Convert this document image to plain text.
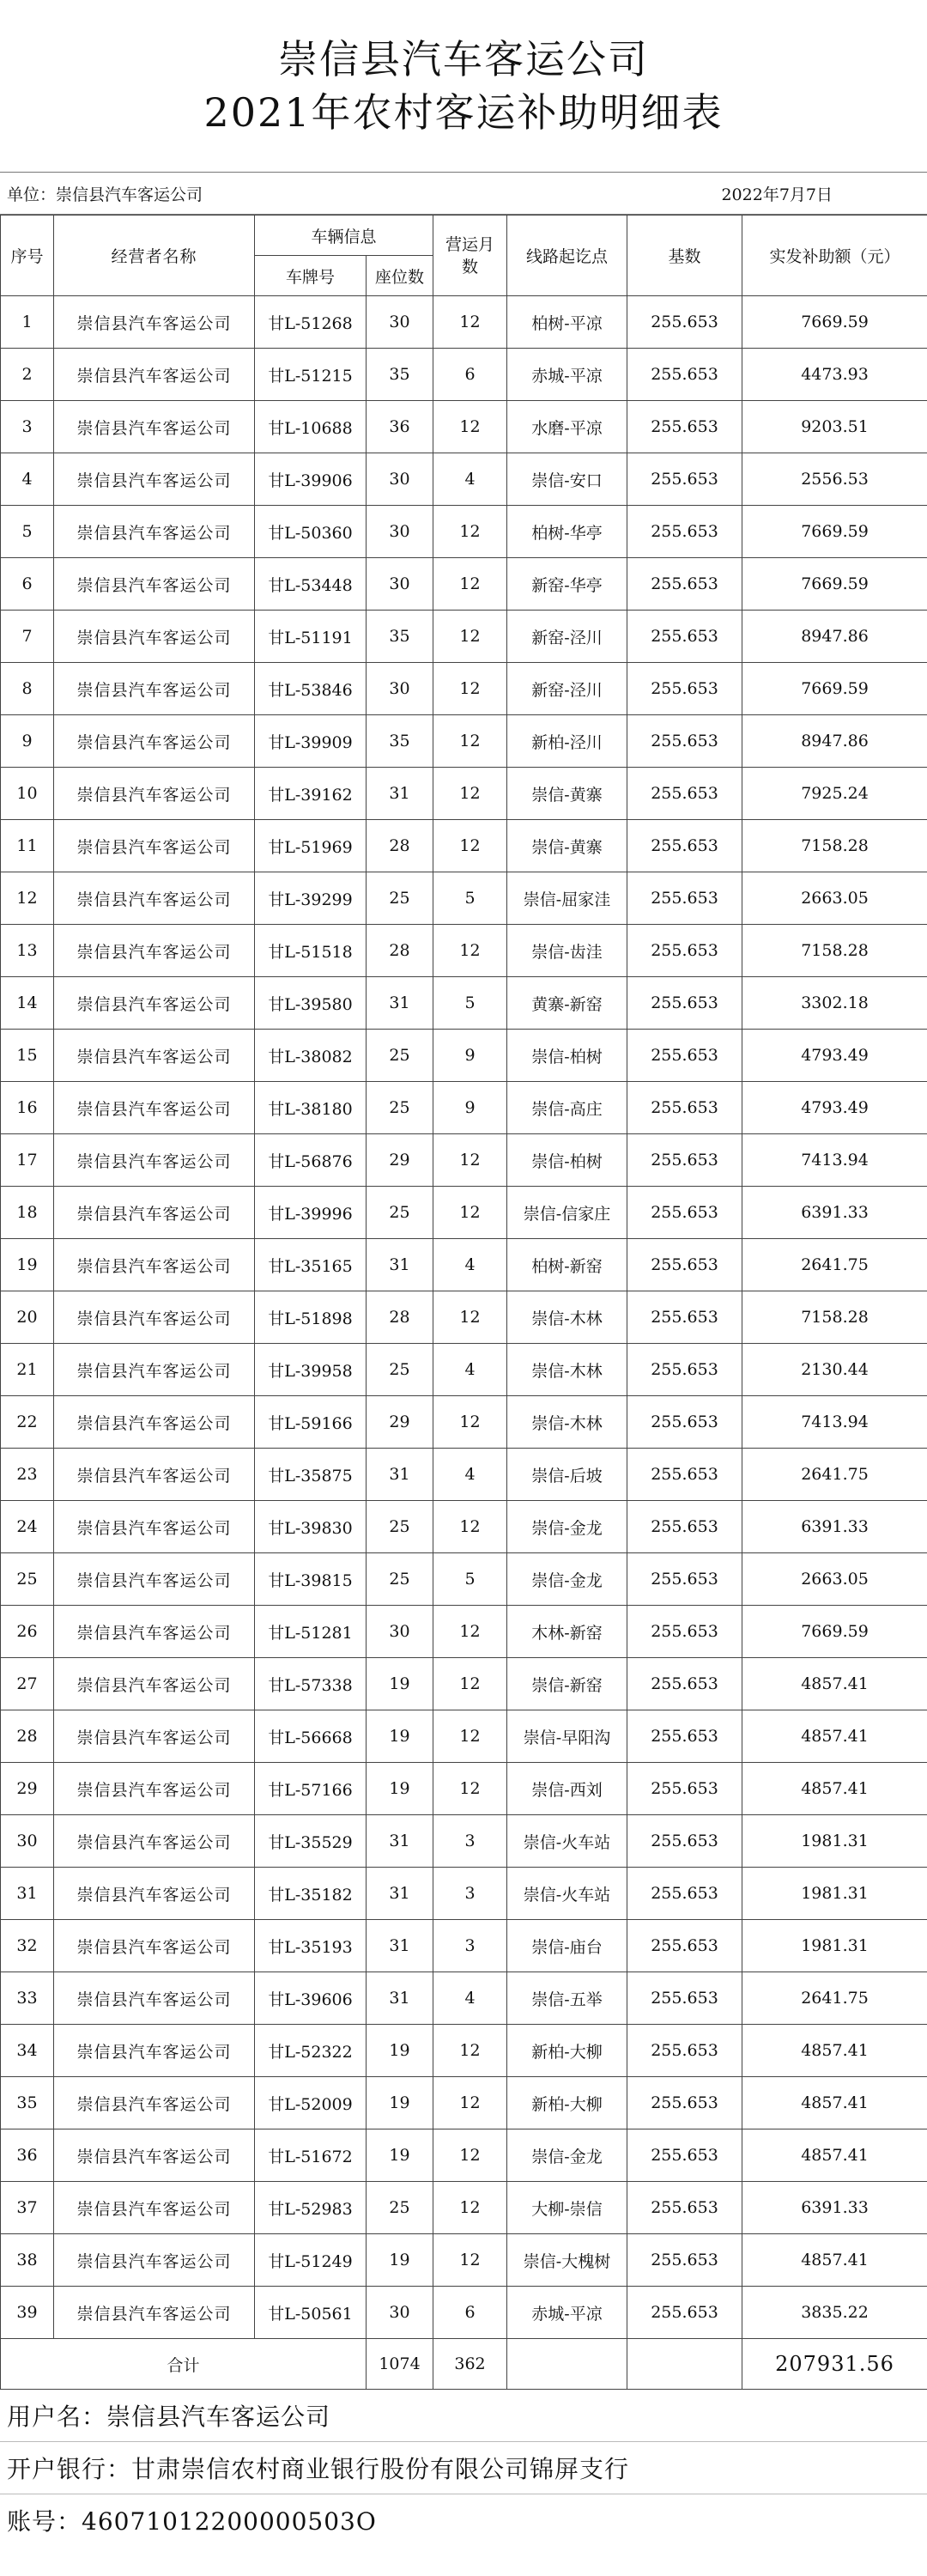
崇信县汽车客运公司
2021年农村客运补助明细表
单位：崇信县汽车客运公司	2022年7月7日
序号	经营者名称	车辆信息		营运月数	线路起讫点	基数	实发补助额（元）
		车牌号	座位数				
1	崇信县汽车客运公司	甘L-51268	30	12	柏树-平凉	255.653	7669.59
2	崇信县汽车客运公司	甘L-51215	35	6	赤城-平凉	255.653	4473.93
3	崇信县汽车客运公司	甘L-10688	36	12	水磨-平凉	255.653	9203.51
4	崇信县汽车客运公司	甘L-39906	30	4	崇信-安口	255.653	2556.53
5	崇信县汽车客运公司	甘L-50360	30	12	柏树-华亭	255.653	7669.59
6	崇信县汽车客运公司	甘L-53448	30	12	新窑-华亭	255.653	7669.59
7	崇信县汽车客运公司	甘L-51191	35	12	新窑-泾川	255.653	8947.86
8	崇信县汽车客运公司	甘L-53846	30	12	新窑-泾川	255.653	7669.59
9	崇信县汽车客运公司	甘L-39909	35	12	新柏-泾川	255.653	8947.86
10	崇信县汽车客运公司	甘L-39162	31	12	崇信-黄寨	255.653	7925.24
11	崇信县汽车客运公司	甘L-51969	28	12	崇信-黄寨	255.653	7158.28
12	崇信县汽车客运公司	甘L-39299	25	5	崇信-屈家洼	255.653	2663.05
13	崇信县汽车客运公司	甘L-51518	28	12	崇信-齿洼	255.653	7158.28
14	崇信县汽车客运公司	甘L-39580	31	5	黄寨-新窑	255.653	3302.18
15	崇信县汽车客运公司	甘L-38082	25	9	崇信-柏树	255.653	4793.49
16	崇信县汽车客运公司	甘L-38180	25	9	崇信-高庄	255.653	4793.49
17	崇信县汽车客运公司	甘L-56876	29	12	崇信-柏树	255.653	7413.94
18	崇信县汽车客运公司	甘L-39996	25	12	崇信-信家庄	255.653	6391.33
19	崇信县汽车客运公司	甘L-35165	31	4	柏树-新窑	255.653	2641.75
20	崇信县汽车客运公司	甘L-51898	28	12	崇信-木林	255.653	7158.28
21	崇信县汽车客运公司	甘L-39958	25	4	崇信-木林	255.653	2130.44
22	崇信县汽车客运公司	甘L-59166	29	12	崇信-木林	255.653	7413.94
23	崇信县汽车客运公司	甘L-35875	31	4	崇信-后坡	255.653	2641.75
24	崇信县汽车客运公司	甘L-39830	25	12	崇信-金龙	255.653	6391.33
25	崇信县汽车客运公司	甘L-39815	25	5	崇信-金龙	255.653	2663.05
26	崇信县汽车客运公司	甘L-51281	30	12	木林-新窑	255.653	7669.59
27	崇信县汽车客运公司	甘L-57338	19	12	崇信-新窑	255.653	4857.41
28	崇信县汽车客运公司	甘L-56668	19	12	崇信-早阳沟	255.653	4857.41
29	崇信县汽车客运公司	甘L-57166	19	12	崇信-西刘	255.653	4857.41
30	崇信县汽车客运公司	甘L-35529	31	3	崇信-火车站	255.653	1981.31
31	崇信县汽车客运公司	甘L-35182	31	3	崇信-火车站	255.653	1981.31
32	崇信县汽车客运公司	甘L-35193	31	3	崇信-庙台	255.653	1981.31
33	崇信县汽车客运公司	甘L-39606	31	4	崇信-五举	255.653	2641.75
34	崇信县汽车客运公司	甘L-52322	19	12	新柏-大柳	255.653	4857.41
35	崇信县汽车客运公司	甘L-52009	19	12	新柏-大柳	255.653	4857.41
36	崇信县汽车客运公司	甘L-51672	19	12	崇信-金龙	255.653	4857.41
37	崇信县汽车客运公司	甘L-52983	25	12	大柳-崇信	255.653	6391.33
38	崇信县汽车客运公司	甘L-51249	19	12	崇信-大槐树	255.653	4857.41
39	崇信县汽车客运公司	甘L-50561	30	6	赤城-平凉	255.653	3835.22
合计			1074	362			207931.56
用户名：崇信县汽车客运公司
开户银行：甘肃崇信农村商业银行股份有限公司锦屏支行
账号：46071012200000503O
